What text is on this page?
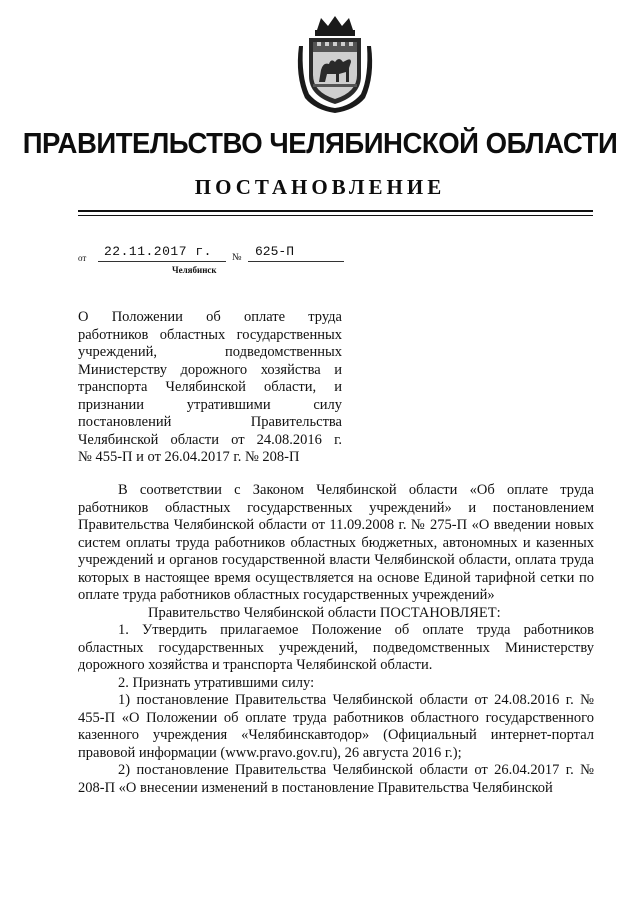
ПРАВИТЕЛЬСТВО ЧЕЛЯБИНСКОЙ ОБЛАСТИ
ПОСТАНОВЛЕНИЕ
от 22.11.2017 г. № 625-П
Челябинск

О Положении об оплате труда

работников областных государственных

учреждений, подведомственных

Министерству дорожного хозяйства и

транспорта Челябинской области, и

признании утратившими силу

постановлений Правительства

Челябинской области от 24.08.2016 г.

№ 455-П и от 26.04.2017 г. № 208-П

В соответствии с Законом Челябинской области «Об оплате труда работников областных государственных учреждений» и постановлением Правительства Челябинской области от 11.09.2008 г. № 275-П «О введении новых систем оплаты труда работников областных бюджетных, автономных и казенных учреждений и органов государственной власти Челябинской области, оплата труда которых в настоящее время осуществляется на основе Единой тарифной сетки по оплате труда работников областных государственных учреждений»

Правительство Челябинской области ПОСТАНОВЛЯЕТ:

1. Утвердить прилагаемое Положение об оплате труда работников областных государственных учреждений, подведомственных Министерству дорожного хозяйства и транспорта Челябинской области.

2. Признать утратившими силу:

1) постановление Правительства Челябинской области от 24.08.2016 г. № 455-П «О Положении об оплате труда работников областного государственного казенного учреждения «Челябинскавтодор» (Официальный интернет-портал правовой информации (www.pravo.gov.ru), 26 августа 2016 г.);

2) постановление Правительства Челябинской области от 26.04.2017 г. № 208-П «О внесении изменений в постановление Правительства Челябинской
